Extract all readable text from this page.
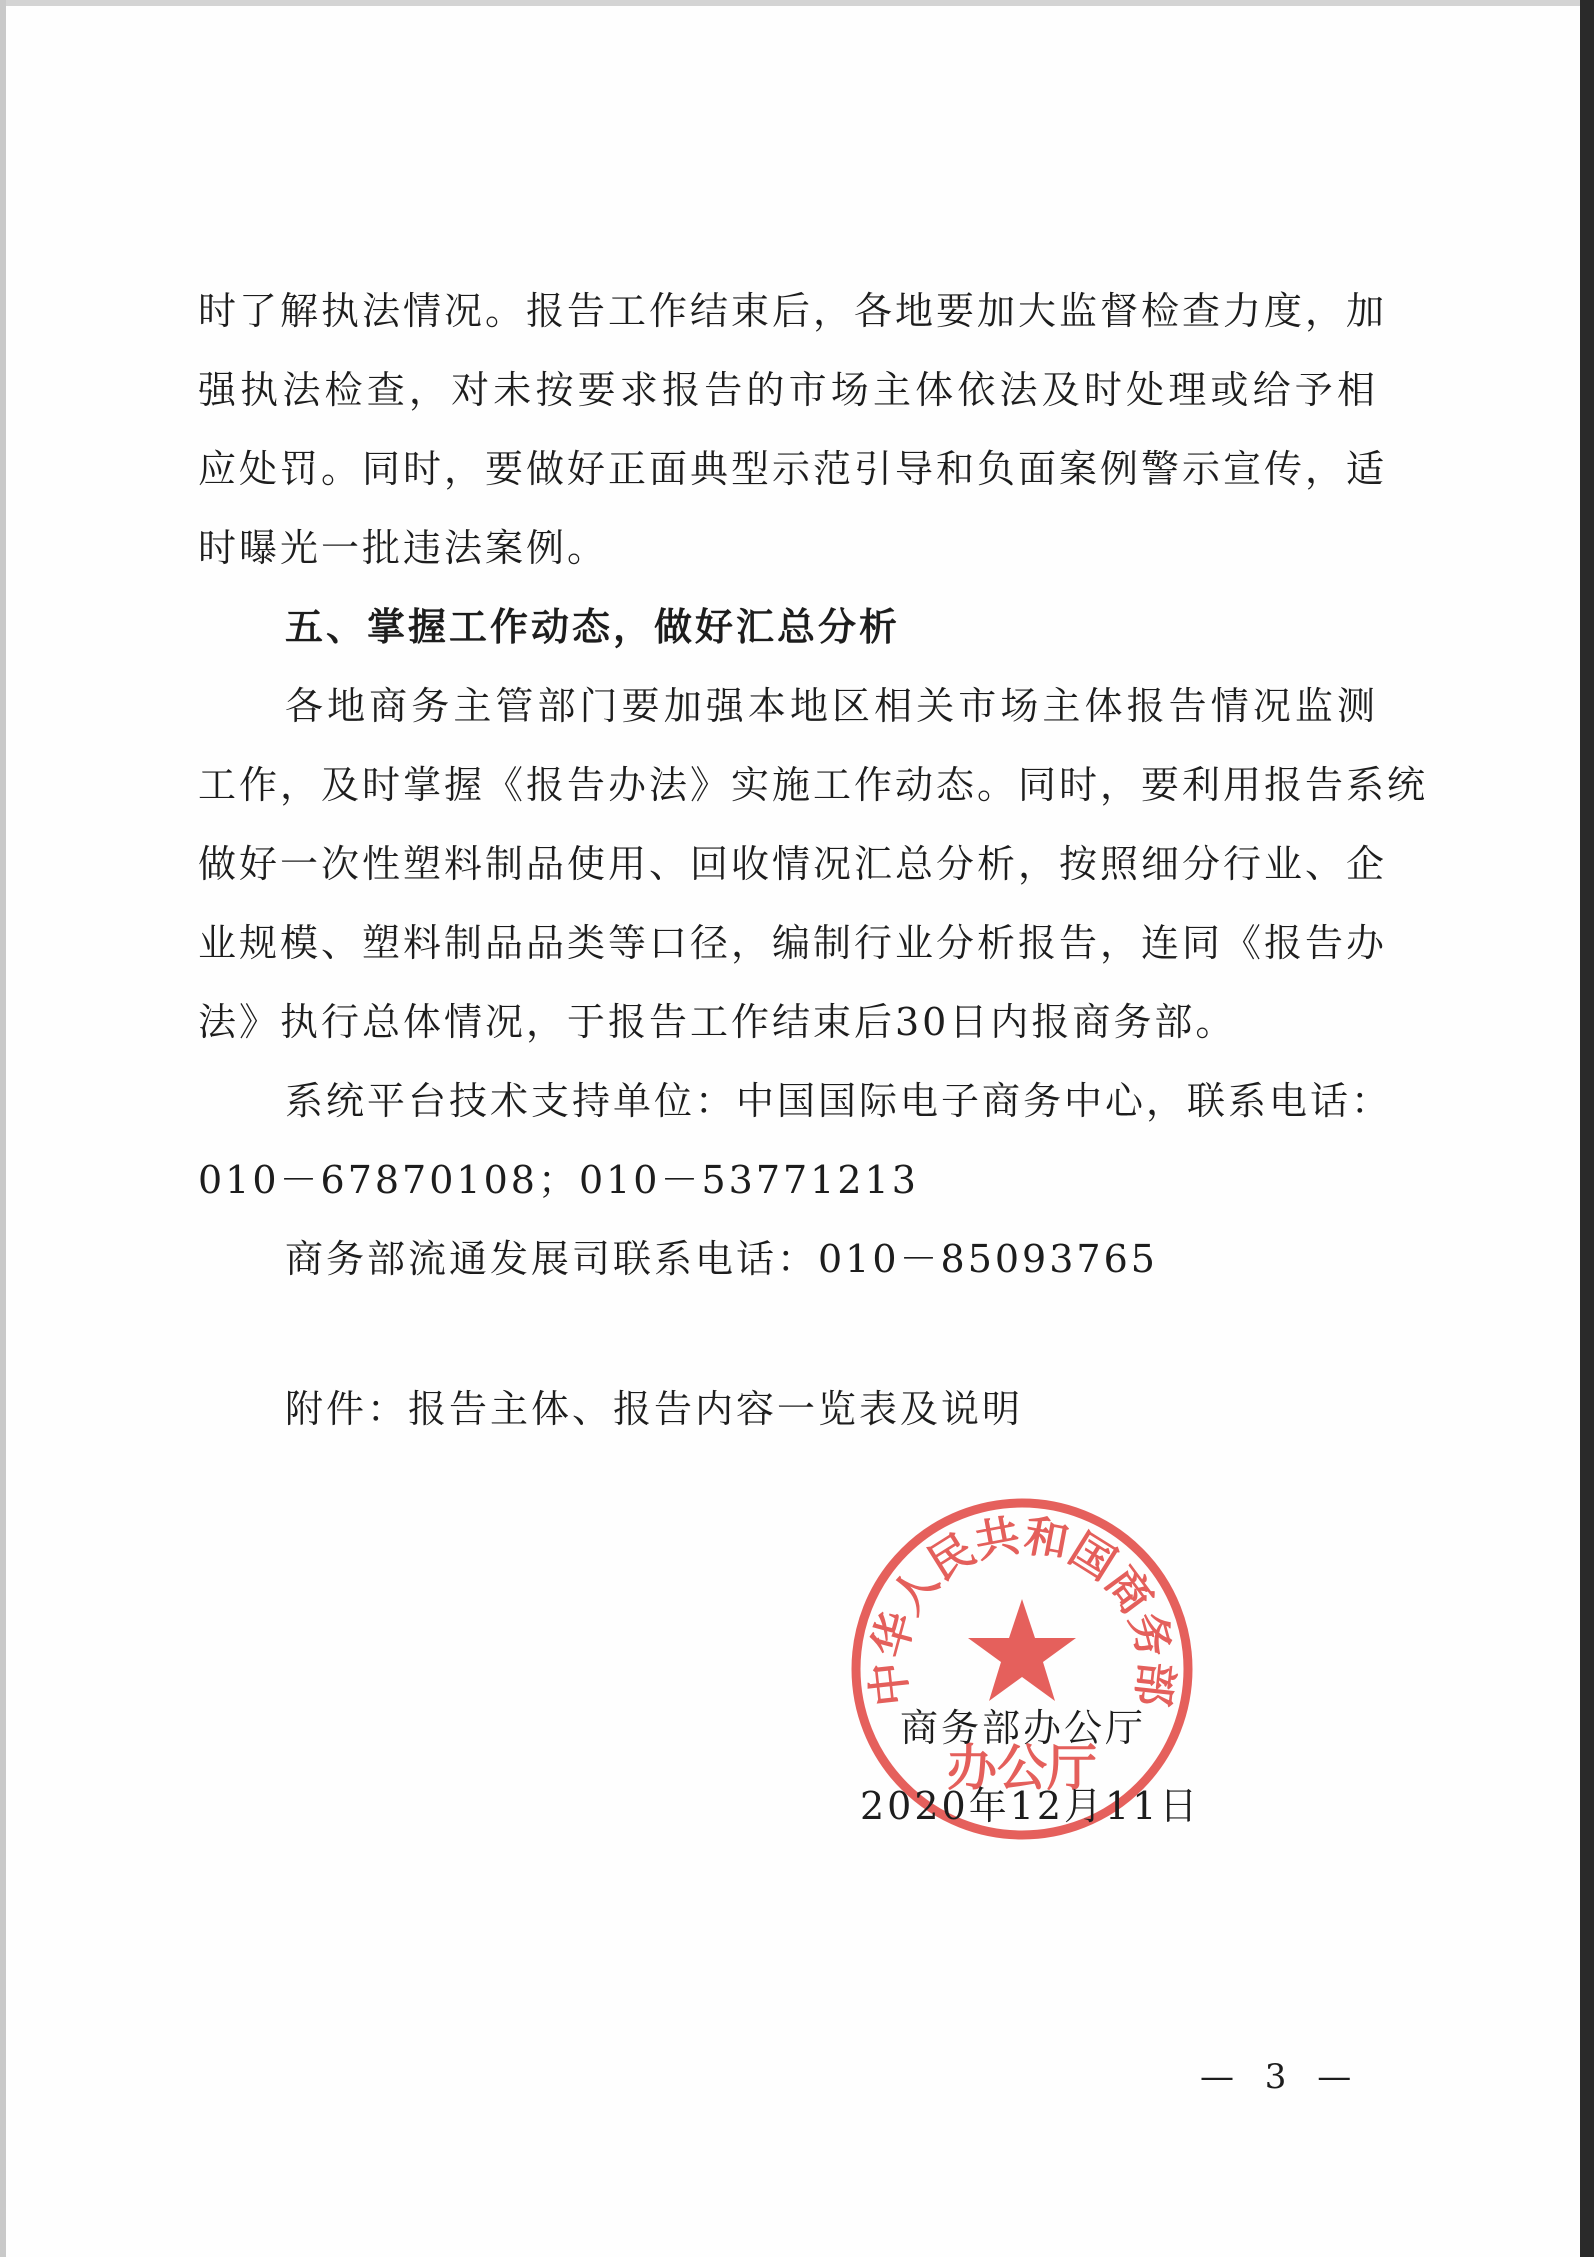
时了解执法情况。报告工作结束后，各地要加大监督检查力度，加
强执法检查，对未按要求报告的市场主体依法及时处理或给予相
应处罚。同时，要做好正面典型示范引导和负面案例警示宣传，适
时曝光一批违法案例。
五、掌握工作动态，做好汇总分析
各地商务主管部门要加强本地区相关市场主体报告情况监测
工作，及时掌握《报告办法》实施工作动态。同时，要利用报告系统
做好一次性塑料制品使用、回收情况汇总分析，按照细分行业、企
业规模、塑料制品品类等口径，编制行业分析报告，连同《报告办
法》执行总体情况，于报告工作结束后30日内报商务部。
系统平台技术支持单位：中国国际电子商务中心，联系电话：
010－67870108；010－53771213
商务部流通发展司联系电话：010－85093765
附件：报告主体、报告内容一览表及说明
中华人民共和国商务部
办公厅
商务部办公厅
2020年12月11日
— 3 —
